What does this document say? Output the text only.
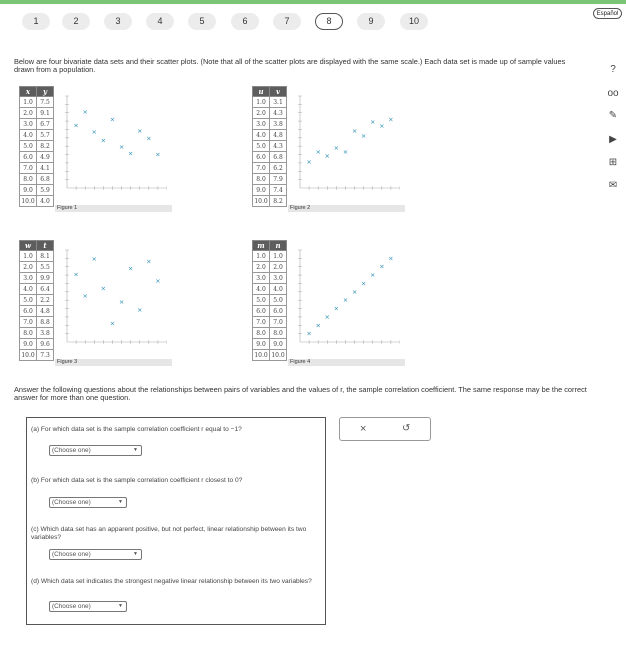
1	2	3	4	5	6	7	8	9	10
Español
?
oo
✎
▶
⊞
✉
Below are four bivariate data sets and their scatter plots. (Note that all of the scatter plots are displayed with the same scale.) Each data set is made up of sample values drawn from a population.
x	y
1.0	7.5
2.0	9.1
3.0	6.7
4.0	5.7
5.0	8.2
6.0	4.9
7.0	4.1
8.0	6.8
9.0	5.9
10.0	4.0
u	v
1.0	3.1
2.0	4.3
3.0	3.8
4.0	4.8
5.0	4.3
6.0	6.8
7.0	6.2
8.0	7.9
9.0	7.4
10.0	8.2
w	t
1.0	8.1
2.0	5.5
3.0	9.9
4.0	6.4
5.0	2.2
6.0	4.8
7.0	8.8
8.0	3.8
9.0	9.6
10.0	7.3
m	n
1.0	1.0
2.0	2.0
3.0	3.0
4.0	4.0
5.0	5.0
6.0	6.0
7.0	7.0
8.0	8.0
9.0	9.0
10.0	10.0
×
×
×
×
×
×
×
×
×
×
×
×
×
×
×
×
×
×
×
×
×
×
×
×
×
×
×
×
×
×
×
×
×
×
×
×
×
×
×
×
Figure 1	Figure 2
Figure 3	Figure 4
Answer the following questions about the relationships between pairs of variables and the values of r, the sample correlation coefficient. The same response may be the correct answer for more than one question.
(a) For which data set is the sample correlation coefficient r equal to −1?
(Choose one)	▼
(b) For which data set is the sample correlation coefficient r closest to 0?
(Choose one)	▼
(c) Which data set has an apparent positive, but not perfect, linear relationship between its two variables?
(Choose one)	▼
(d) Which data set indicates the strongest negative linear relationship between its two variables?
(Choose one)	▼
×	↺
